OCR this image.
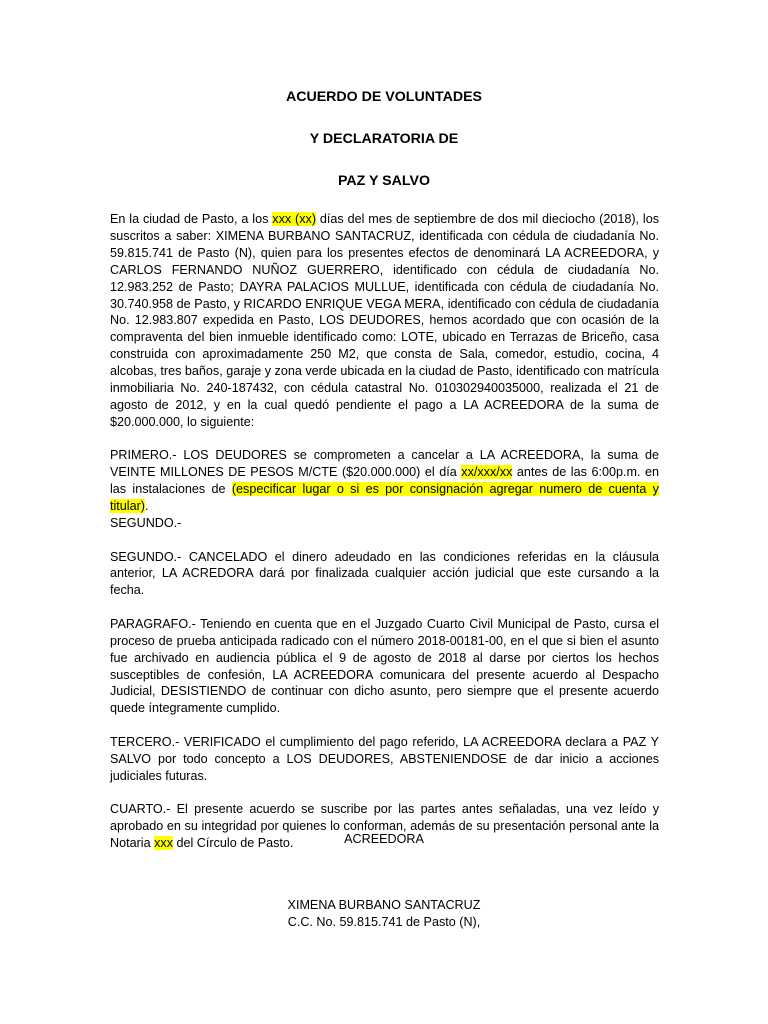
ACUERDO DE VOLUNTADES
Y DECLARATORIA DE
PAZ Y SALVO

En la ciudad de Pasto, a los xxx (xx) días del mes de septiembre de dos mil dieciocho (2018), los suscritos a saber: XIMENA BURBANO SANTACRUZ, identificada con cédula de ciudadanía No. 59.815.741 de Pasto (N), quien para los presentes efectos de denominará LA ACREEDORA, y CARLOS FERNANDO NUÑOZ GUERRERO, identificado con cédula de ciudadanía No. 12.983.252 de Pasto; DAYRA PALACIOS MULLUE, identificada con cédula de ciudadanía No. 30.740.958 de Pasto, y RICARDO ENRIQUE VEGA MERA, identificado con cédula de ciudadanía No. 12.983.807 expedida en Pasto, LOS DEUDORES, hemos acordado que con ocasión de la compraventa del bien inmueble identificado como: LOTE, ubicado en Terrazas de Briceño, casa construida con aproximadamente 250 M2, que consta de Sala, comedor, estudio, cocina, 4 alcobas, tres baños, garaje y zona verde ubicada en la ciudad de Pasto, identificado con matrícula inmobiliaria No. 240-187432, con cédula catastral No. 010302940035000, realizada el 21 de agosto de 2012, y en la cual quedó pendiente el pago a LA ACREEDORA de la suma de $20.000.000, lo siguiente:

PRIMERO.- LOS DEUDORES se comprometen a cancelar a LA ACREEDORA, la suma de VEINTE MILLONES DE PESOS M/CTE ($20.000.000) el día xx/xxx/xx antes de las 6:00p.m. en las instalaciones de (especificar lugar o si es por consignación agregar numero de cuenta y titular).
SEGUNDO.-

SEGUNDO.- CANCELADO el dinero adeudado en las condiciones referidas en la cláusula anterior, LA ACREDORA dará por finalizada cualquier acción judicial que este cursando a la fecha.

PARAGRAFO.- Teniendo en cuenta que en el Juzgado Cuarto Civil Municipal de Pasto, cursa el proceso de prueba anticipada radicado con el número 2018-00181-00, en el que si bien el asunto fue archivado en audiencia pública el 9 de agosto de 2018 al darse por ciertos los hechos susceptibles de confesión, LA ACREEDORA comunicara del presente acuerdo al Despacho Judicial, DESISTIENDO de continuar con dicho asunto, pero siempre que el presente acuerdo quede íntegramente cumplido.

TERCERO.- VERIFICADO el cumplimiento del pago referido, LA ACREEDORA declara a PAZ Y SALVO por todo concepto a LOS DEUDORES, ABSTENIENDOSE de dar inicio a acciones judiciales futuras.

CUARTO.- El presente acuerdo se suscribe por las partes antes señaladas, una vez leído y aprobado en su integridad por quienes lo conforman, además de su presentación personal ante la Notaria xxx del Círculo de Pasto.	ACREEDORA

XIMENA BURBANO SANTACRUZ

C.C. No. 59.815.741 de Pasto (N),
